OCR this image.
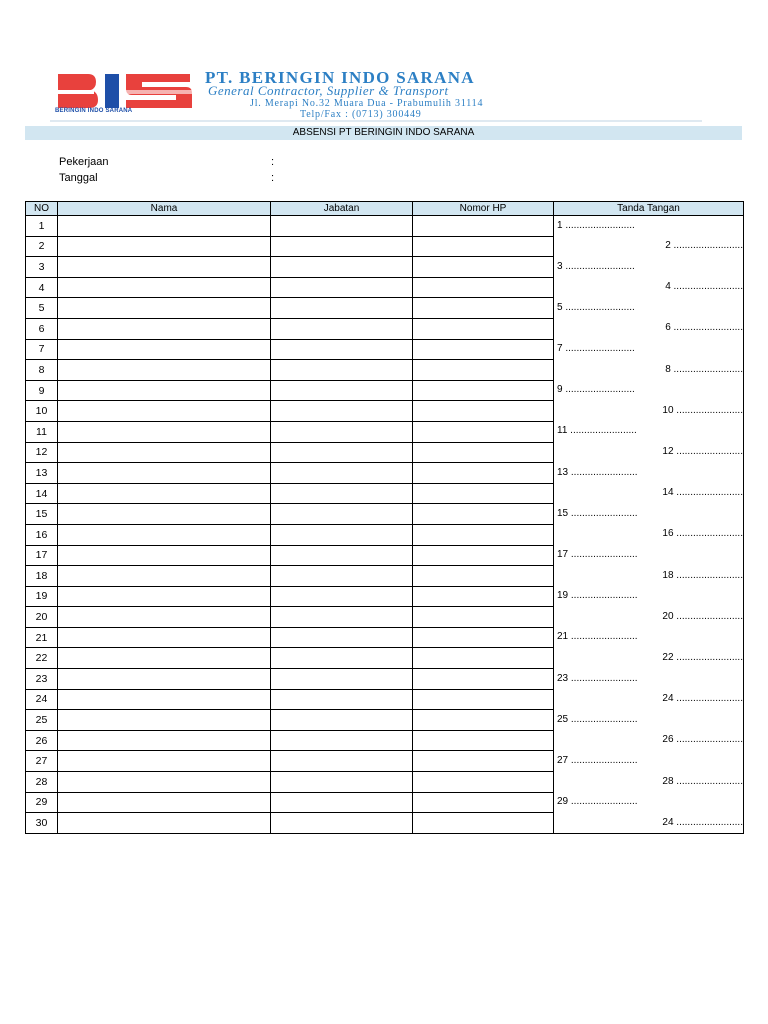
BERINGIN INDO SARANA
PT. BERINGIN INDO SARANA
General Contractor, Supplier & Transport
Jl. Merapi No.32 Muara Dua - Prabumulih 31114
Telp/Fax : (0713) 300449
ABSENSI PT BERINGIN INDO SARANA
Pekerjaan	:
Tanggal	:
NO	Nama	Jabatan	Nomor HP	Tanda Tangan
1				1 .........................

2				2 .........................

3				3 .........................

4				4 .........................

5				5 .........................

6				6 .........................

7				7 .........................

8				8 .........................

9				9 .........................

10				10 ........................

11				11 ........................

12				12 ........................

13				13 ........................

14				14 ........................

15				15 ........................

16				16 ........................

17				17 ........................

18				18 ........................

19				19 ........................

20				20 ........................

21				21 ........................

22				22 ........................

23				23 ........................

24				24 ........................

25				25 ........................

26				26 ........................

27				27 ........................

28				28 ........................

29				29 ........................

30				24 ........................
